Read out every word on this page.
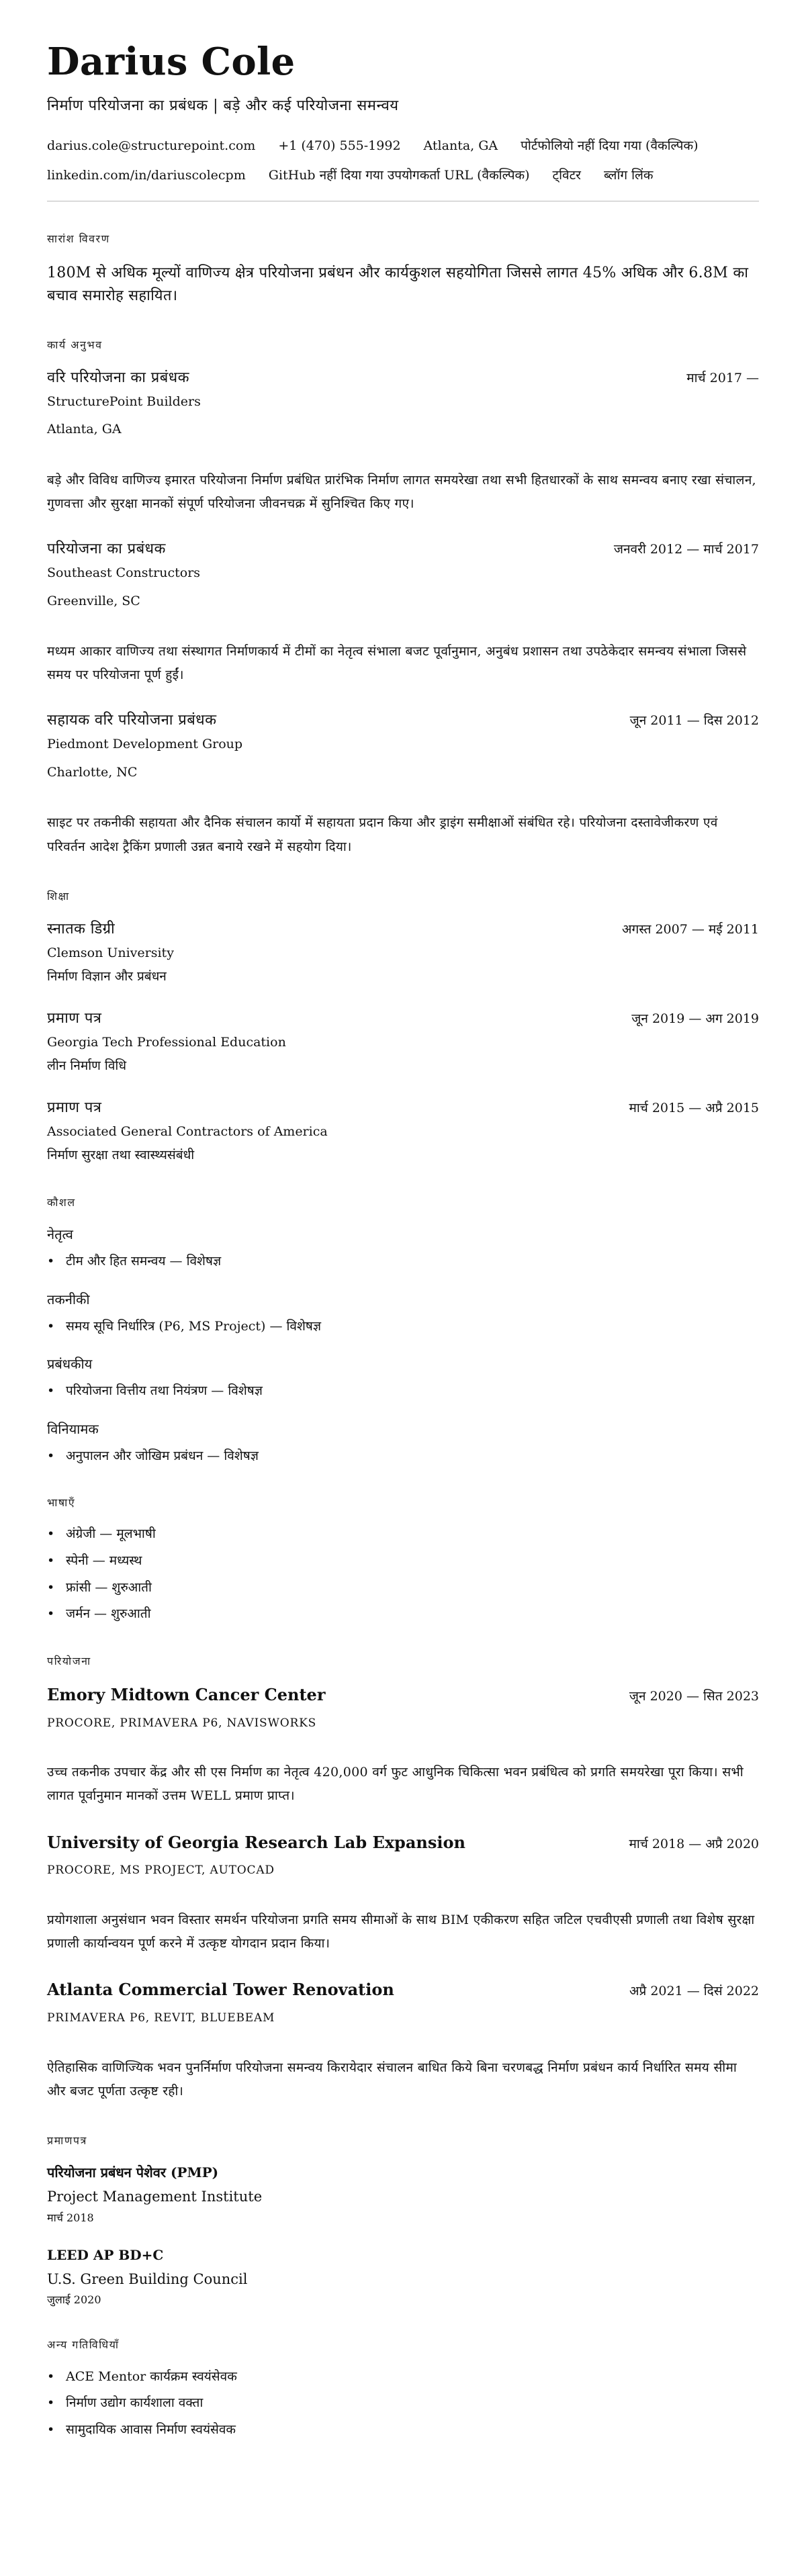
Darius Cole
निर्माण परियोजना का प्रबंधक | बड़े और कई परियोजना समन्वय
darius.cole@structurepoint.com +1 (470) 555-1992 Atlanta, GA पोर्टफोलियो नहीं दिया गया (वैकल्पिक)
linkedin.com/in/dariuscolecpm GitHub नहीं दिया गया उपयोगकर्ता URL (वैकल्पिक) ट्विटर ब्लॉग लिंक
सारांश विवरण

180M से अधिक मूल्यों वाणिज्य क्षेत्र परियोजना प्रबंधन और कार्यकुशल सहयोगिता जिससे लागत 45% अधिक और 6.8M का बचाव समारोह सहायित।

कार्य अनुभव
वरि परियोजना का प्रबंधक	मार्च 2017 —
StructurePoint Builders
Atlanta, GA

बड़े और विविध वाणिज्य इमारत परियोजना निर्माण प्रबंधित प्रारंभिक निर्माण लागत समयरेखा तथा सभी हितधारकों के साथ समन्वय बनाए रखा संचालन, गुणवत्ता और सुरक्षा मानकों संपूर्ण परियोजना जीवनचक्र में सुनिश्चित किए गए।

परियोजना का प्रबंधक	जनवरी 2012 — मार्च 2017
Southeast Constructors
Greenville, SC

मध्यम आकार वाणिज्य तथा संस्थागत निर्माणकार्य में टीमों का नेतृत्व संभाला बजट पूर्वानुमान, अनुबंध प्रशासन तथा उपठेकेदार समन्वय संभाला जिससे समय पर परियोजना पूर्ण हुईं।

सहायक वरि परियोजना प्रबंधक	जून 2011 — दिस 2012
Piedmont Development Group
Charlotte, NC

साइट पर तकनीकी सहायता और दैनिक संचालन कार्यो में सहायता प्रदान किया और ड्राइंग समीक्षाओं संबंधित रहे। परियोजना दस्तावेजीकरण एवं परिवर्तन आदेश ट्रैकिंग प्रणाली उन्नत बनाये रखने में सहयोग दिया।

शिक्षा
स्नातक डिग्री	अगस्त 2007 — मई 2011
Clemson University
निर्माण विज्ञान और प्रबंधन
प्रमाण पत्र	जून 2019 — अग 2019
Georgia Tech Professional Education
लीन निर्माण विधि
प्रमाण पत्र	मार्च 2015 — अप्रै 2015
Associated General Contractors of America
निर्माण सुरक्षा तथा स्वास्थ्यसंबंधी
कौशल
नेतृत्व
• टीम और हित समन्वय — विशेषज्ञ
तकनीकी
• समय सूचि निर्धारित्र (P6, MS Project) — विशेषज्ञ
प्रबंधकीय
• परियोजना वित्तीय तथा नियंत्रण — विशेषज्ञ
विनियामक
• अनुपालन और जोखिम प्रबंधन — विशेषज्ञ
भाषाएँ
• अंग्रेजी — मूलभाषी
• स्पेनी — मध्यस्थ
• फ्रांसी — शुरुआती
• जर्मन — शुरुआती
परियोजना
Emory Midtown Cancer Center	जून 2020 — सित 2023
PROCORE, PRIMAVERA P6, NAVISWORKS

उच्च तकनीक उपचार केंद्र और सी एस निर्माण का नेतृत्व 420,000 वर्ग फुट आधुनिक चिकित्सा भवन प्रबंधित्व को प्रगति समयरेखा पूरा किया। सभी लागत पूर्वानुमान मानकों उत्तम WELL प्रमाण प्राप्त।

University of Georgia Research Lab Expansion	मार्च 2018 — अप्रै 2020
PROCORE, MS PROJECT, AUTOCAD

प्रयोगशाला अनुसंधान भवन विस्तार समर्थन परियोजना प्रगति समय सीमाओं के साथ BIM एकीकरण सहित जटिल एचवीएसी प्रणाली तथा विशेष सुरक्षा प्रणाली कार्यान्वयन पूर्ण करने में उत्कृष्ट योगदान प्रदान किया।

Atlanta Commercial Tower Renovation	अप्रै 2021 — दिसं 2022
PRIMAVERA P6, REVIT, BLUEBEAM

ऐतिहासिक वाणिज्यिक भवन पुनर्निर्माण परियोजना समन्वय किरायेदार संचालन बाधित किये बिना चरणबद्ध निर्माण प्रबंधन कार्य निर्धारित समय सीमा और बजट पूर्णता उत्कृष्ट रही।

प्रमाणपत्र
परियोजना प्रबंधन पेशेवर (PMP)
Project Management Institute
मार्च 2018
LEED AP BD+C
U.S. Green Building Council
जुलाई 2020
अन्य गतिविधियाँ
• ACE Mentor कार्यक्रम स्वयंसेवक
• निर्माण उद्योग कार्यशाला वक्ता
• सामुदायिक आवास निर्माण स्वयंसेवक
